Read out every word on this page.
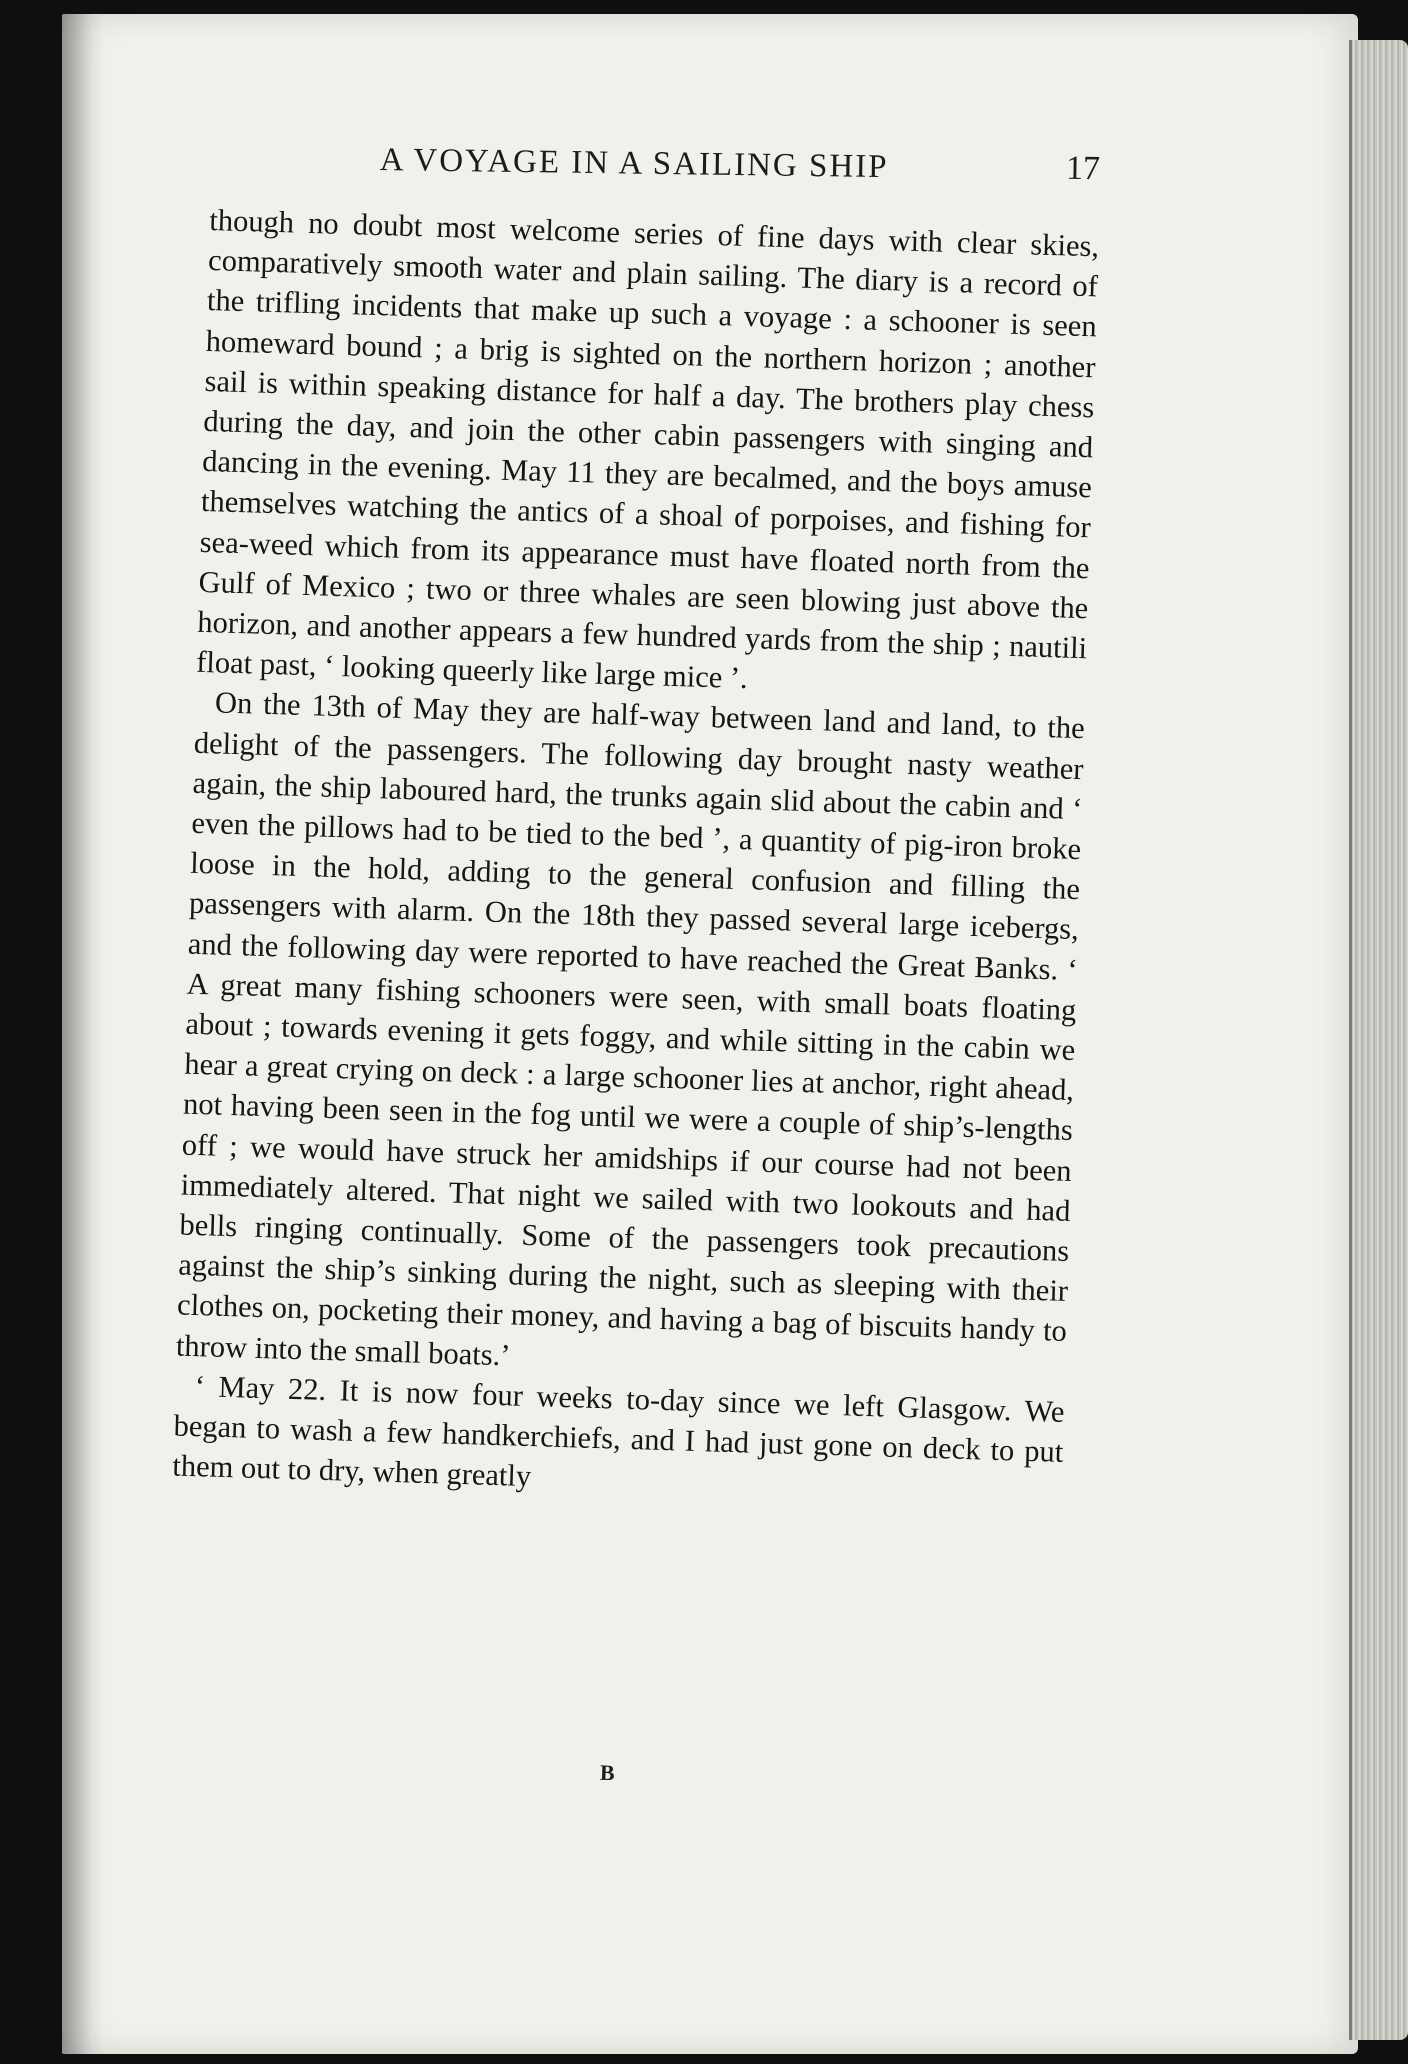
A VOYAGE IN A SAILING SHIP	17

though no doubt most welcome series of fine days with clear skies, comparatively smooth water and plain sailing. The diary is a record of the trifling incidents that make up such a voyage : a schooner is seen homeward bound ; a brig is sighted on the northern horizon ; another sail is within speaking distance for half a day. The brothers play chess during the day, and join the other cabin passengers with singing and dancing in the evening. May 11 they are becalmed, and the boys amuse themselves watching the antics of a shoal of porpoises, and fishing for sea-weed which from its appearance must have floated north from the Gulf of Mexico ; two or three whales are seen blowing just above the horizon, and another appears a few hundred yards from the ship ; nautili float past, ‘ looking queerly like large mice ’.

On the 13th of May they are half-way between land and land, to the delight of the passengers. The following day brought nasty weather again, the ship laboured hard, the trunks again slid about the cabin and ‘ even the pillows had to be tied to the bed ’, a quantity of pig-iron broke loose in the hold, adding to the general confusion and filling the passengers with alarm. On the 18th they passed several large icebergs, and the following day were reported to have reached the Great Banks. ‘ A great many fishing schooners were seen, with small boats floating about ; towards evening it gets foggy, and while sitting in the cabin we hear a great crying on deck : a large schooner lies at anchor, right ahead, not having been seen in the fog until we were a couple of ship’s-lengths off ; we would have struck her amidships if our course had not been immediately altered. That night we sailed with two lookouts and had bells ringing continually. Some of the passengers took precautions against the ship’s sinking during the night, such as sleeping with their clothes on, pocketing their money, and having a bag of biscuits handy to throw into the small boats.’

‘ May 22. It is now four weeks to-day since we left Glasgow. We began to wash a few handkerchiefs, and I had just gone on deck to put them out to dry, when greatly

B
